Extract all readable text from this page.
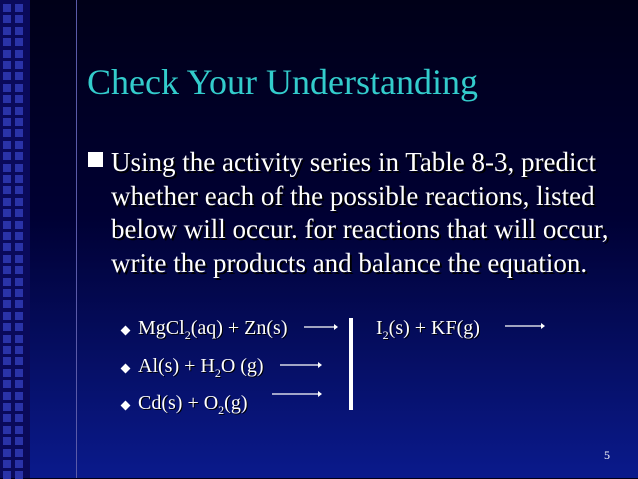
Check Your Understanding
Using the activity series in Table 8-3, predict whether each of the possible reactions, listed below will occur. for reactions that will occur, write the products and balance the equation.
MgCl$_2$(aq) + Zn(s) →
$Al(s) + H_2O$ (g) →
$Cd(s) + O_2(g)$
$I_2(s) + KF(g)$
5
